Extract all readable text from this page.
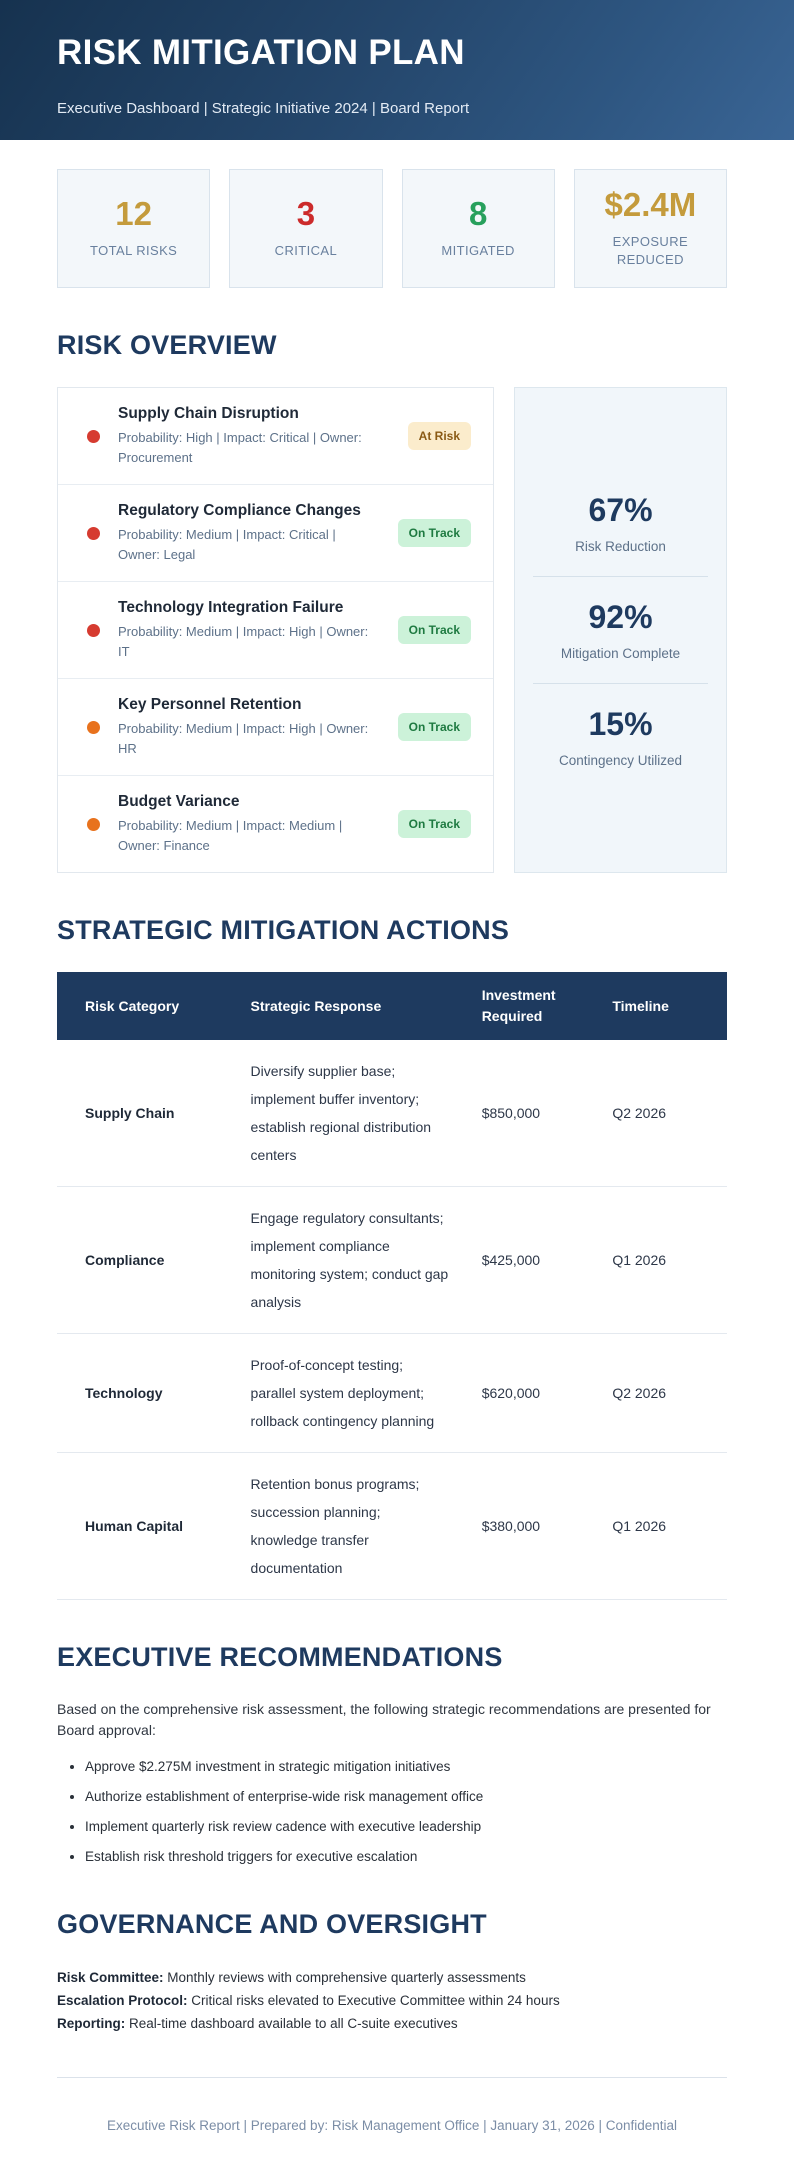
RISK MITIGATION PLAN
Executive Dashboard | Strategic Initiative 2024 | Board Report
12
TOTAL RISKS
3
CRITICAL
8
MITIGATED
$2.4M
EXPOSURE REDUCED
RISK OVERVIEW
Supply Chain Disruption
Probability: High | Impact: Critical | Owner: Procurement
At Risk
Regulatory Compliance Changes
Probability: Medium | Impact: Critical | Owner: Legal
On Track
Technology Integration Failure
Probability: Medium | Impact: High | Owner: IT
On Track
Key Personnel Retention
Probability: Medium | Impact: High | Owner: HR
On Track
Budget Variance
Probability: Medium | Impact: Medium | Owner: Finance
On Track
67%
Risk Reduction
92%
Mitigation Complete
15%
Contingency Utilized
STRATEGIC MITIGATION ACTIONS
Risk Category	Strategic Response	Investment Required	Timeline
Supply Chain	Diversify supplier base; implement buffer inventory; establish regional distribution centers	$850,000	Q2 2026
Compliance	Engage regulatory consultants; implement compliance monitoring system; conduct gap analysis	$425,000	Q1 2026
Technology	Proof-of-concept testing; parallel system deployment; rollback contingency planning	$620,000	Q2 2026
Human Capital	Retention bonus programs; succession planning; knowledge transfer documentation	$380,000	Q1 2026
EXECUTIVE RECOMMENDATIONS

Based on the comprehensive risk assessment, the following strategic recommendations are presented for Board approval:

• Approve $2.275M investment in strategic mitigation initiatives
• Authorize establishment of enterprise-wide risk management office
• Implement quarterly risk review cadence with executive leadership
• Establish risk threshold triggers for executive escalation
GOVERNANCE AND OVERSIGHT

Risk Committee: Monthly reviews with comprehensive quarterly assessments

Escalation Protocol: Critical risks elevated to Executive Committee within 24 hours

Reporting: Real-time dashboard available to all C-suite executives

Executive Risk Report | Prepared by: Risk Management Office | January 31, 2026 | Confidential
